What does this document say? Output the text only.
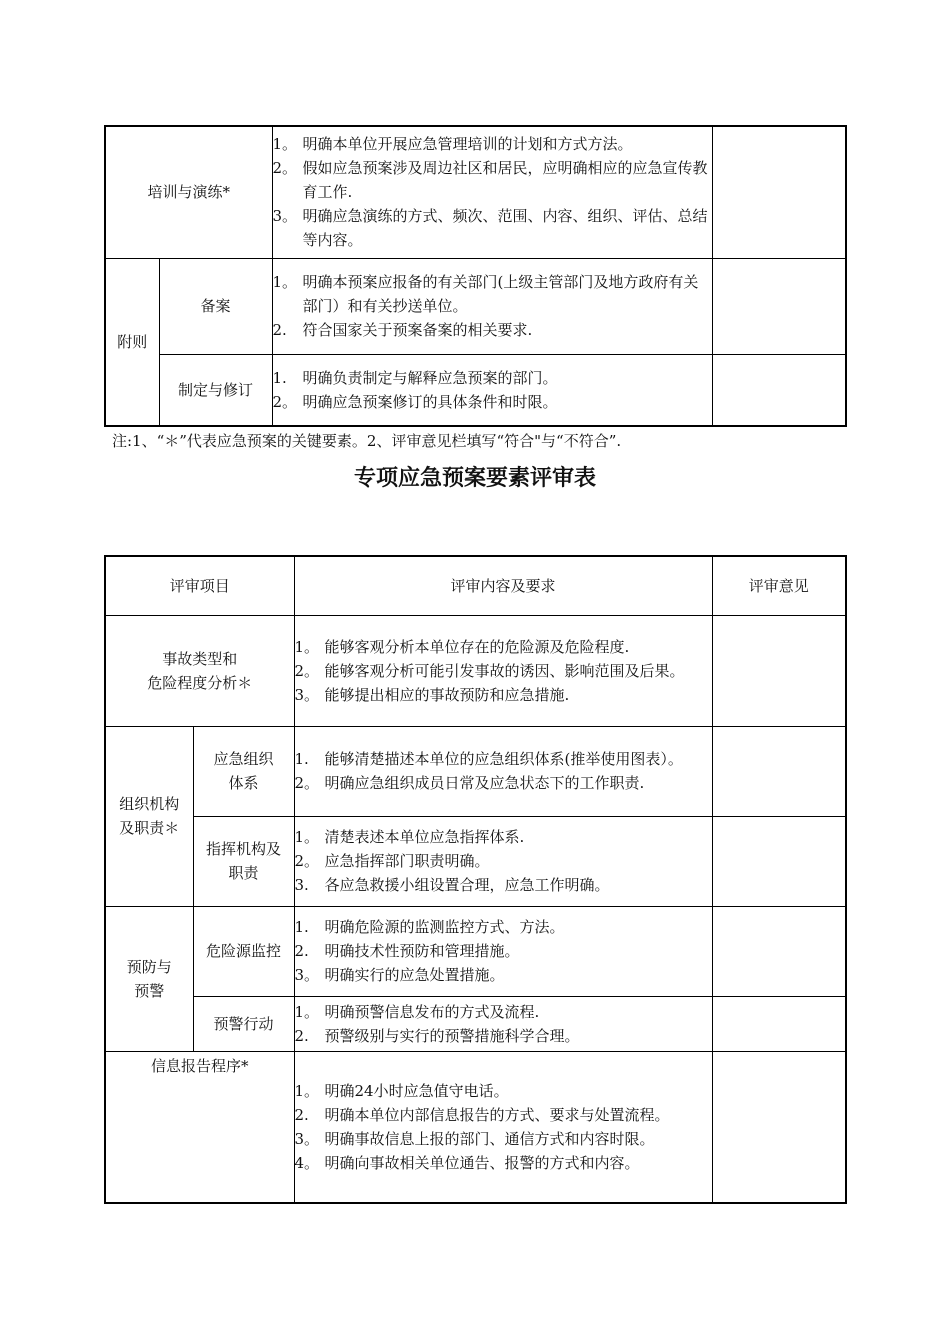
培训与演练*		1。 明确本单位开展应急管理培训的计划和方式方法。
2。 假如应急预案涉及周边社区和居民，应明确相应的应急宣传教育工作.
3。 明确应急演练的方式、频次、范围、内容、组织、评估、总结等内容。	

附则	备案	1。 明确本预案应报备的有关部门(上级主管部门及地方政府有关部门）和有关抄送单位。
2. 符合国家关于预案备案的相关要求.	

	制定与修订	1. 明确负责制定与解释应急预案的部门。
2。 明确应急预案修订的具体条件和时限。	

注:1、“＊”代表应急预案的关键要素。2、评审意见栏填写“符合"与“不符合”.
专项应急预案要素评审表
评审项目		评审内容及要求	评审意见
事故类型和
危险程度分析＊		1。 能够客观分析本单位存在的危险源及危险程度.
2。 能够客观分析可能引发事故的诱因、影响范围及后果。
3。 能够提出相应的事故预防和应急措施.	

组织机构
及职责＊	应急组织
体系	1. 能够清楚描述本单位的应急组织体系(推举使用图表）。
2。 明确应急组织成员日常及应急状态下的工作职责.	

	指挥机构及
职责	1。 清楚表述本单位应急指挥体系.
2。 应急指挥部门职责明确。
3. 各应急救援小组设置合理，应急工作明确。	

预防与
预警	危险源监控	1. 明确危险源的监测监控方式、方法。
2. 明确技术性预防和管理措施。
3。 明确实行的应急处置措施。	

	预警行动	1。 明确预警信息发布的方式及流程.
2. 预警级别与实行的预警措施科学合理。	

信息报告程序*		1。 明确24小时应急值守电话。
2. 明确本单位内部信息报告的方式、要求与处置流程。
3。 明确事故信息上报的部门、通信方式和内容时限。
4。 明确向事故相关单位通告、报警的方式和内容。	
